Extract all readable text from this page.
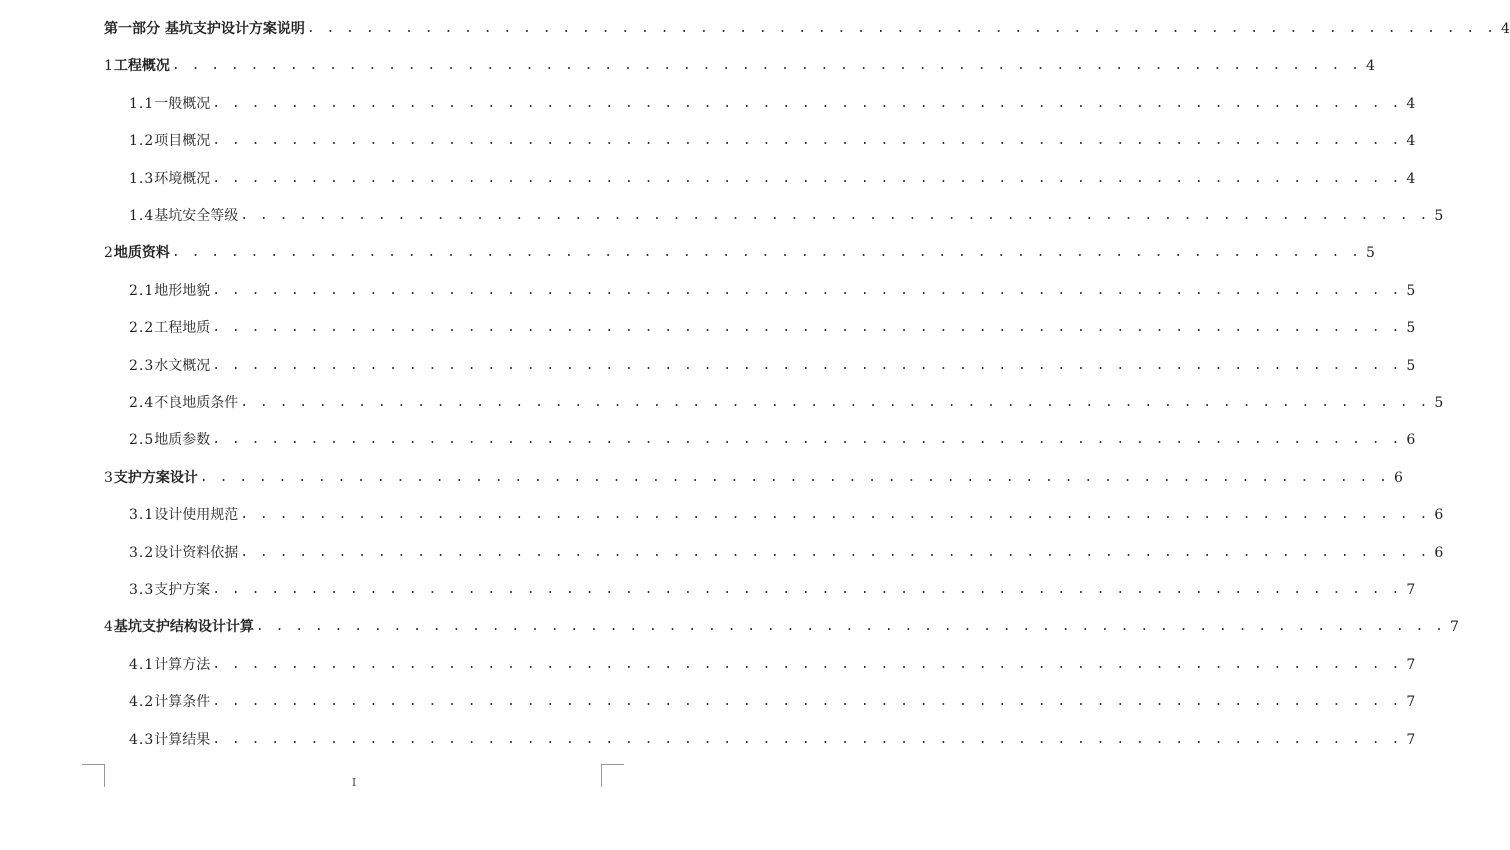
第一部分 基坑支护设计方案说明 . . . . . . . . . . . . . . . . . . . . . . . . . . . . . . . . . . . . . . . . . . . . . . . . . . . . . . . . . . . . . 4
1 工程概况 . . . . . . . . . . . . . . . . . . . . . . . . . . . . . . . . . . . . . . . . . . . . . . . . . . . . . . . . . . . . . 4
1.1 一般概况 . . . . . . . . . . . . . . . . . . . . . . . . . . . . . . . . . . . . . . . . . . . . . . . . . . . . . . . . . . . . . 4
1.2 项目概况 . . . . . . . . . . . . . . . . . . . . . . . . . . . . . . . . . . . . . . . . . . . . . . . . . . . . . . . . . . . . . 4
1.3 环境概况 . . . . . . . . . . . . . . . . . . . . . . . . . . . . . . . . . . . . . . . . . . . . . . . . . . . . . . . . . . . . . 4
1.4 基坑安全等级 . . . . . . . . . . . . . . . . . . . . . . . . . . . . . . . . . . . . . . . . . . . . . . . . . . . . . . . . . . . . . 5
2 地质资料 . . . . . . . . . . . . . . . . . . . . . . . . . . . . . . . . . . . . . . . . . . . . . . . . . . . . . . . . . . . . . 5
2.1 地形地貌 . . . . . . . . . . . . . . . . . . . . . . . . . . . . . . . . . . . . . . . . . . . . . . . . . . . . . . . . . . . . . 5
2.2 工程地质 . . . . . . . . . . . . . . . . . . . . . . . . . . . . . . . . . . . . . . . . . . . . . . . . . . . . . . . . . . . . . 5
2.3 水文概况 . . . . . . . . . . . . . . . . . . . . . . . . . . . . . . . . . . . . . . . . . . . . . . . . . . . . . . . . . . . . . 5
2.4 不良地质条件 . . . . . . . . . . . . . . . . . . . . . . . . . . . . . . . . . . . . . . . . . . . . . . . . . . . . . . . . . . . . . 5
2.5 地质参数 . . . . . . . . . . . . . . . . . . . . . . . . . . . . . . . . . . . . . . . . . . . . . . . . . . . . . . . . . . . . . 6
3 支护方案设计 . . . . . . . . . . . . . . . . . . . . . . . . . . . . . . . . . . . . . . . . . . . . . . . . . . . . . . . . . . . . . 6
3.1 设计使用规范 . . . . . . . . . . . . . . . . . . . . . . . . . . . . . . . . . . . . . . . . . . . . . . . . . . . . . . . . . . . . . 6
3.2 设计资料依据 . . . . . . . . . . . . . . . . . . . . . . . . . . . . . . . . . . . . . . . . . . . . . . . . . . . . . . . . . . . . . 6
3.3 支护方案 . . . . . . . . . . . . . . . . . . . . . . . . . . . . . . . . . . . . . . . . . . . . . . . . . . . . . . . . . . . . . 7
4 基坑支护结构设计计算 . . . . . . . . . . . . . . . . . . . . . . . . . . . . . . . . . . . . . . . . . . . . . . . . . . . . . . . . . . . . . 7
4.1 计算方法 . . . . . . . . . . . . . . . . . . . . . . . . . . . . . . . . . . . . . . . . . . . . . . . . . . . . . . . . . . . . . 7
4.2 计算条件 . . . . . . . . . . . . . . . . . . . . . . . . . . . . . . . . . . . . . . . . . . . . . . . . . . . . . . . . . . . . . 7
4.3 计算结果 . . . . . . . . . . . . . . . . . . . . . . . . . . . . . . . . . . . . . . . . . . . . . . . . . . . . . . . . . . . . . 7
I
